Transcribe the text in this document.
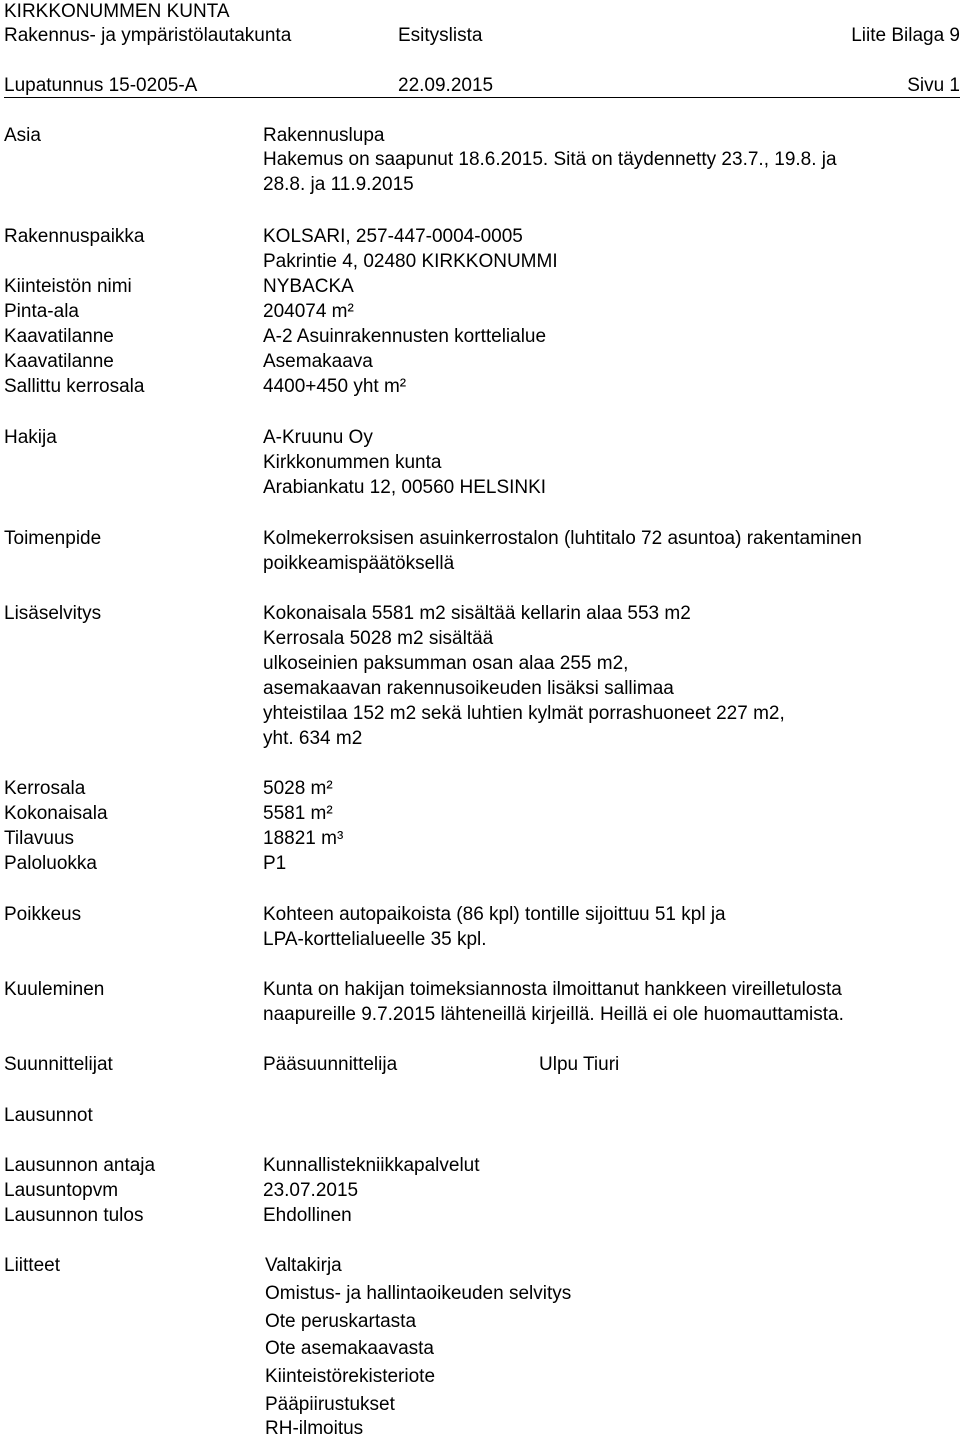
KIRKKONUMMEN KUNTA
Rakennus- ja ympäristölautakunta	Esityslista	Liite Bilaga 9
Lupatunnus 15-0205-A	22.09.2015	Sivu 1
Asia	Rakennuslupa
Hakemus on saapunut 18.6.2015. Sitä on täydennetty 23.7., 19.8. ja
28.8. ja 11.9.2015
Rakennuspaikka	KOLSARI, 257-447-0004-0005
Pakrintie 4, 02480 KIRKKONUMMI
Kiinteistön nimi	NYBACKA
Pinta-ala	204074 m²
Kaavatilanne	A-2 Asuinrakennusten korttelialue
Kaavatilanne	Asemakaava
Sallittu kerrosala	4400+450 yht m²
Hakija	A-Kruunu Oy
Kirkkonummen kunta
Arabiankatu 12, 00560 HELSINKI
Toimenpide	Kolmekerroksisen asuinkerrostalon (luhtitalo 72 asuntoa) rakentaminen
poikkeamispäätöksellä
Lisäselvitys	Kokonaisala 5581 m2 sisältää kellarin alaa 553 m2
Kerrosala 5028 m2 sisältää
ulkoseinien paksumman osan alaa 255 m2,
asemakaavan rakennusoikeuden lisäksi sallimaa
yhteistilaa 152 m2 sekä luhtien kylmät porrashuoneet 227 m2,
yht. 634 m2
Kerrosala	5028 m²
Kokonaisala	5581 m²
Tilavuus	18821 m³
Paloluokka	P1
Poikkeus	Kohteen autopaikoista (86 kpl) tontille sijoittuu 51 kpl ja
LPA-korttelialueelle 35 kpl.
Kuuleminen	Kunta on hakijan toimeksiannosta ilmoittanut hankkeen vireilletulosta
naapureille 9.7.2015 lähteneillä kirjeillä. Heillä ei ole huomauttamista.
Suunnittelijat	Pääsuunnittelija	Ulpu Tiuri
Lausunnot
Lausunnon antaja	Kunnallistekniikkapalvelut
Lausuntopvm	23.07.2015
Lausunnon tulos	Ehdollinen
Liitteet	Valtakirja
Omistus- ja hallintaoikeuden selvitys
Ote peruskartasta
Ote asemakaavasta
Kiinteistörekisteriote
Pääpiirustukset
RH-ilmoitus
